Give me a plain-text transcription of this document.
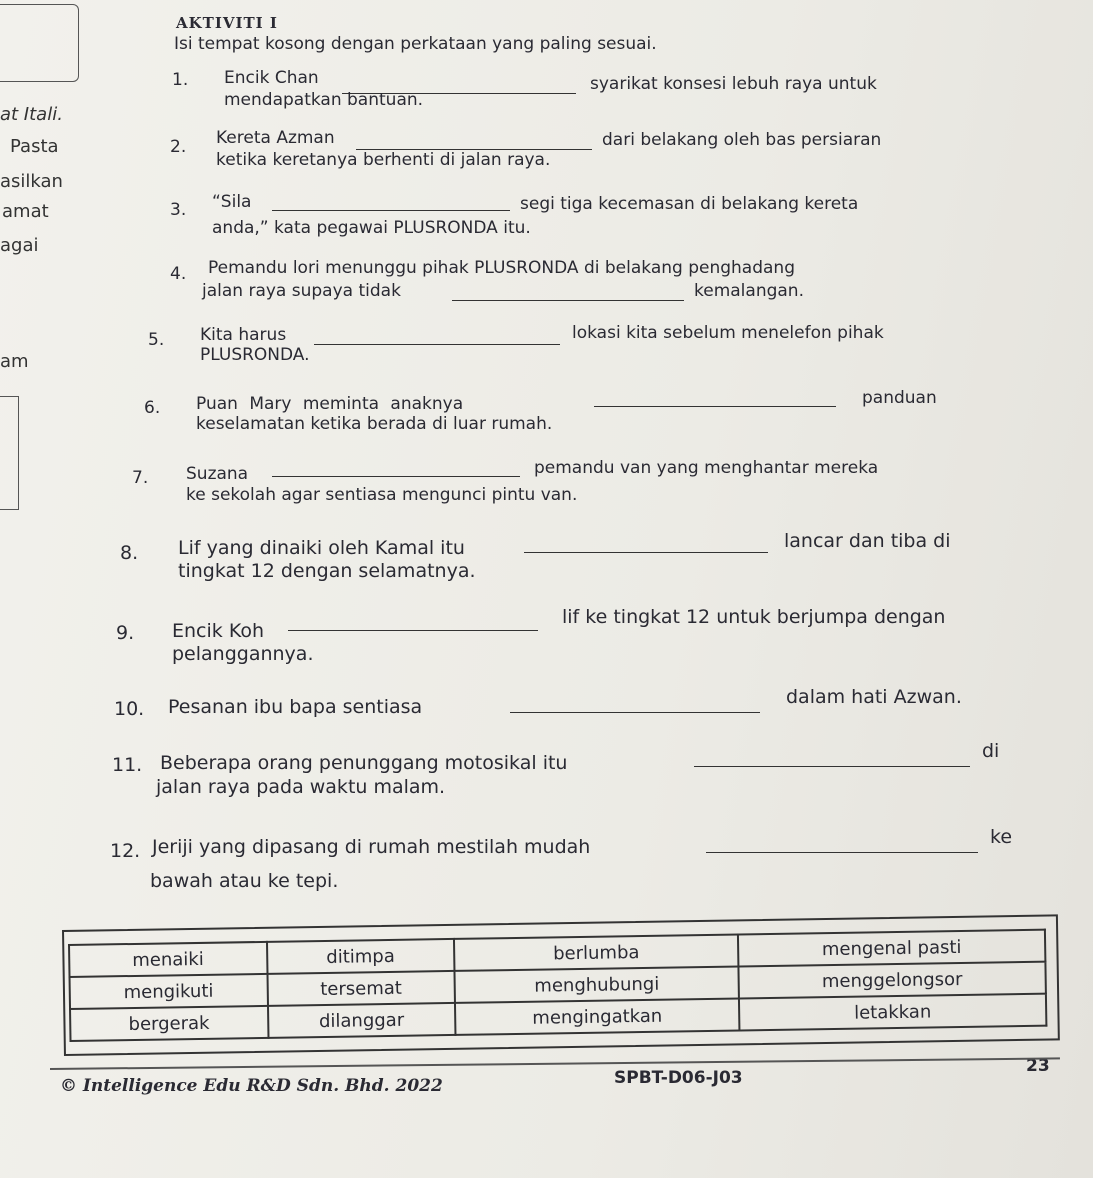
at Itali.
Pasta
asilkan
amat
agai
am
AKTIVITI I
Isi tempat kosong dengan perkataan yang paling sesuai.
1. Encik Chan	syarikat konsesi lebuh raya untuk
mendapatkan bantuan.
2. Kereta Azman	dari belakang oleh bas persiaran
ketika keretanya berhenti di jalan raya.
3. “Sila	segi tiga kecemasan di belakang kereta
anda,” kata pegawai PLUSRONDA itu.
4. Pemandu lori menunggu pihak PLUSRONDA di belakang penghadang
jalan raya supaya tidak	kemalangan.
5. Kita harus	lokasi kita sebelum menelefon pihak
PLUSRONDA.
6. Puan Mary meminta anaknya	panduan
keselamatan ketika berada di luar rumah.
7. Suzana	pemandu van yang menghantar mereka
ke sekolah agar sentiasa mengunci pintu van.
8. Lif yang dinaiki oleh Kamal itu	lancar dan tiba di
tingkat 12 dengan selamatnya.
9. Encik Koh
lif ke tingkat 12 untuk berjumpa dengan
pelanggannya.
10. Pesanan ibu bapa sentiasa	dalam hati Azwan.
11. Beberapa orang penunggang motosikal itu
di
jalan raya pada waktu malam.
12. Jeriji yang dipasang di rumah mestilah mudah	ke
bawah atau ke tepi.
menaiki	ditimpa	berlumba	mengenal pasti
mengikuti	tersemat	menghubungi	menggelongsor
bergerak	dilanggar	mengingatkan	letakkan
23
© Intelligence Edu R&D Sdn. Bhd. 2022	SPBT-D06-J03
